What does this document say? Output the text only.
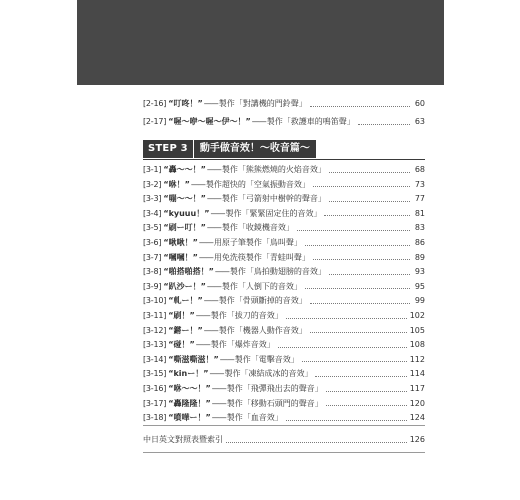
[2-16] “叮咚！” —— 製作「對講機的門鈴聲」	60
[2-17] “喔～咿～喔～伊～！” —— 製作「救護車的鳴笛聲」	63
STEP 3	動手做音效！～收音篇～
[3-1] “轟～～！” —— 製作「熊熊燃燒的火焰音效」	68
[3-2] “咻！” —— 製作超快的「空氣振動音效」	73
[3-3] “嘣～～！” —— 製作「弓箭射中樹幹的聲音」	77
[3-4] “kyuuu！” —— 製作「緊緊固定住的音效」	81
[3-5] “刷ー叮！” —— 製作「收鏡機音效」	83
[3-6] “啾啾！” —— 用原子筆製作「鳥叫聲」	86
[3-7] “嘓嘓！” —— 用免洗筷製作「青蛙叫聲」	89
[3-8] “啪搭啪搭！” —— 製作「鳥拍動翅膀的音效」	93
[3-9] “趴沙ー！” —— 製作「人倒下的音效」	95
[3-10] “軋ー！” —— 製作「骨頭斷掉的音效」	99
[3-11] “刷！” —— 製作「拔刀的音效」	102
[3-12] “鏘ー！” —— 製作「機器人動作音效」	105
[3-13] “碰！” —— 製作「爆炸音效」	108
[3-14] “嘶滋嘶滋！” —— 製作「電擊音效」	112
[3-15] “kinー！” —— 製作「凍結成冰的音效」	114
[3-16] “咻～～！” —— 製作「飛彈飛出去的聲音」	117
[3-17] “轟隆隆！” —— 製作「移動石頭門的聲音」	120
[3-18] “噴嘩ー！” —— 製作「血音效」	124
中日英文對照表暨索引	126
